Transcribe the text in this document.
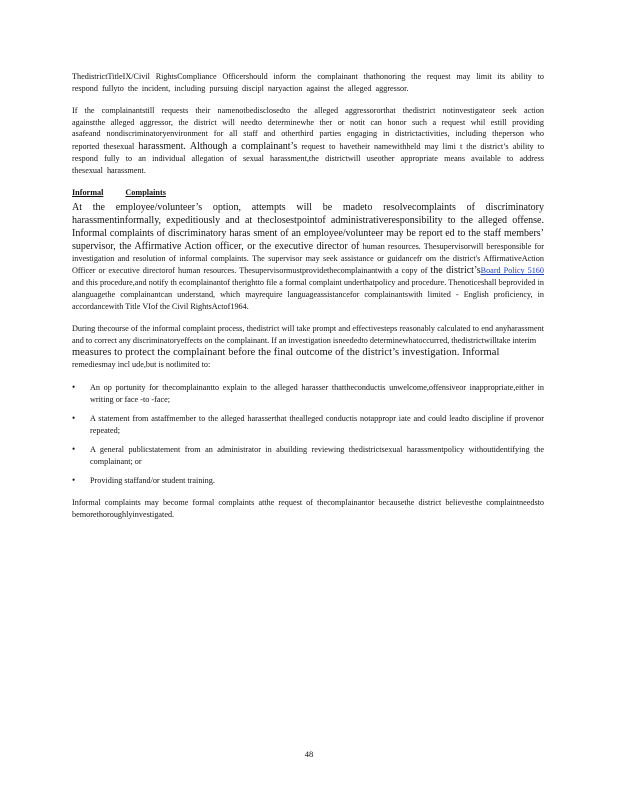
ThedistrictTitleIX/Civil RightsCompliance Officershould inform the complainant thathonoring the request may limit its ability to respond fullyto the incident, including pursuing discipl naryaction against the alleged aggressor.

If the complainantstill requests their namenotbedisclosedto the alleged aggressororthat thedistrict notinvestigateor seek action againstthe alleged aggressor, the district will needto determinewhe ther or notit can honor such a request whil estill providing asafeand nondiscriminatoryenvironment for all staff and otherthird parties engaging in districtactivities, including theperson who reported thesexual harassment. Although a complainant’s request to havetheir namewithheld may limi t the district’s ability to respond fully to an individual allegation of sexual harassment,the districtwill useother appropriate means available to address thesexual harassment.

Informal	Complaints

At the employee/volunteer’s option, attempts will be madeto resolvecomplaints of discriminatory harassmentinformally, expeditiously and at theclosestpointof administrativeresponsibility to the alleged offense. Informal complaints of discriminatory haras sment of an employee/volunteer may be report ed to the staff members’ supervisor, the Affirmative Action officer, or the executive director of human resources. Thesupervisorwill beresponsible for investigation and resolution of informal complaints. The supervisor may seek assistance or guidancefr om the district's AffirmativeAction Officer or executive directorof human resources. Thesupervisormustprovidethecomplainantwith a copy of the district’sBoard Policy 5160 and this procedure,and notify th ecomplainantof therightto file a formal complaint underthatpolicy and procedure. Thenoticeshall beprovided in alanguagethe complainantcan understand, which mayrequire languageassistancefor complainantswith limited - English proficiency, in accordancewith Title VIof the Civil RightsActof1964.

During thecourse of the informal complaint process, thedistrict will take prompt and effectivesteps reasonably calculated to end anyharassment and to correct any discriminatoryeffects on the complainant. If an investigation isneededto determinewhatoccurred, thedistrictwilltake interim
measures to protect the complainant before the final outcome of the district’s investigation. Informal
remediesmay incl ude,but is notlimited to:

• An op portunity for thecomplainantto explain to the alleged harasser thattheconductis unwelcome,offensiveor inappropriate,either in writing or face -to -face;
• A statement from astaffmember to the alleged harasserthat thealleged conductis notappropr iate and could leadto discipline if provenor repeated;
• A general publicstatement from an administrator in abuilding reviewing thedistrictsexual harassmentpolicy withoutidentifying the complainant; or
• Providing staffand/or student training.

Informal complaints may become formal complaints atthe request of thecomplainantor becausethe district believesthe complaintneedsto bemorethoroughlyinvestigated.

48
